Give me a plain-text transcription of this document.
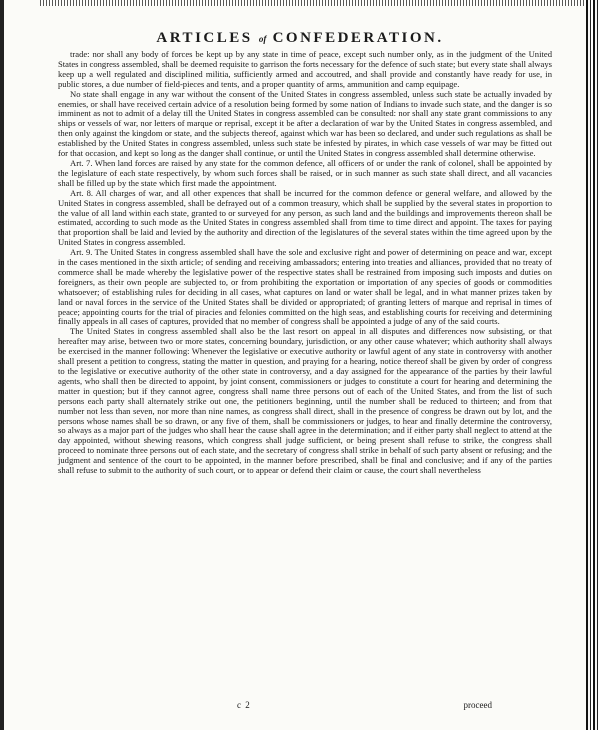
ARTICLES of CONFEDERATION.

trade: nor shall any body of forces be kept up by any state in time of peace, except such number only, as in the judgment of the United States in congress assembled, shall be deemed requisite to garrison the forts necessary for the defence of such state; but every state shall always keep up a well regulated and disciplined militia, sufficiently armed and accoutred, and shall provide and constantly have ready for use, in public stores, a due number of field-pieces and tents, and a proper quantity of arms, ammunition and camp equipage.

No state shall engage in any war without the consent of the United States in congress assembled, unless such state be actually invaded by enemies, or shall have received certain advice of a resolution being formed by some nation of Indians to invade such state, and the danger is so imminent as not to admit of a delay till the United States in congress assembled can be consulted: nor shall any state grant commissions to any ships or vessels of war, nor letters of marque or reprisal, except it be after a declaration of war by the United States in congress assembled, and then only against the kingdom or state, and the subjects thereof, against which war has been so declared, and under such regulations as shall be established by the United States in congress assembled, unless such state be infested by pirates, in which case vessels of war may be fitted out for that occasion, and kept so long as the danger shall continue, or until the United States in congress assembled shall determine otherwise.

Art. 7. When land forces are raised by any state for the common defence, all officers of or under the rank of colonel, shall be appointed by the legislature of each state respectively, by whom such forces shall be raised, or in such manner as such state shall direct, and all vacancies shall be filled up by the state which first made the appointment.

Art. 8. All charges of war, and all other expences that shall be incurred for the common defence or general welfare, and allowed by the United States in congress assembled, shall be defrayed out of a common treasury, which shall be supplied by the several states in proportion to the value of all land within each state, granted to or surveyed for any person, as such land and the buildings and improvements thereon shall be estimated, according to such mode as the United States in congress assembled shall from time to time direct and appoint. The taxes for paying that proportion shall be laid and levied by the authority and direction of the legislatures of the several states within the time agreed upon by the United States in congress assembled.

Art. 9. The United States in congress assembled shall have the sole and exclusive right and power of determining on peace and war, except in the cases mentioned in the sixth article; of sending and receiving ambassadors; entering into treaties and alliances, provided that no treaty of commerce shall be made whereby the legislative power of the respective states shall be restrained from imposing such imposts and duties on foreigners, as their own people are subjected to, or from prohibiting the exportation or importation of any species of goods or commodities whatsoever; of establishing rules for deciding in all cases, what captures on land or water shall be legal, and in what manner prizes taken by land or naval forces in the service of the United States shall be divided or appropriated; of granting letters of marque and reprisal in times of peace; appointing courts for the trial of piracies and felonies committed on the high seas, and establishing courts for receiving and determining finally appeals in all cases of captures, provided that no member of congress shall be appointed a judge of any of the said courts.

The United States in congress assembled shall also be the last resort on appeal in all disputes and differences now subsisting, or that hereafter may arise, between two or more states, concerning boundary, jurisdiction, or any other cause whatever; which authority shall always be exercised in the manner following: Whenever the legislative or executive authority or lawful agent of any state in controversy with another shall present a petition to congress, stating the matter in question, and praying for a hearing, notice thereof shall be given by order of congress to the legislative or executive authority of the other state in controversy, and a day assigned for the appearance of the parties by their lawful agents, who shall then be directed to appoint, by joint consent, commissioners or judges to constitute a court for hearing and determining the matter in question; but if they cannot agree, congress shall name three persons out of each of the United States, and from the list of such persons each party shall alternately strike out one, the petitioners beginning, until the number shall be reduced to thirteen; and from that number not less than seven, nor more than nine names, as congress shall direct, shall in the presence of congress be drawn out by lot, and the persons whose names shall be so drawn, or any five of them, shall be commissioners or judges, to hear and finally determine the controversy, so always as a major part of the judges who shall hear the cause shall agree in the determination; and if either party shall neglect to attend at the day appointed, without shewing reasons, which congress shall judge sufficient, or being present shall refuse to strike, the congress shall proceed to nominate three persons out of each state, and the secretary of congress shall strike in behalf of such party absent or refusing; and the judgment and sentence of the court to be appointed, in the manner before prescribed, shall be final and conclusive; and if any of the parties shall refuse to submit to the authority of such court, or to appear or defend their claim or cause, the court shall nevertheless

c 2	proceed
